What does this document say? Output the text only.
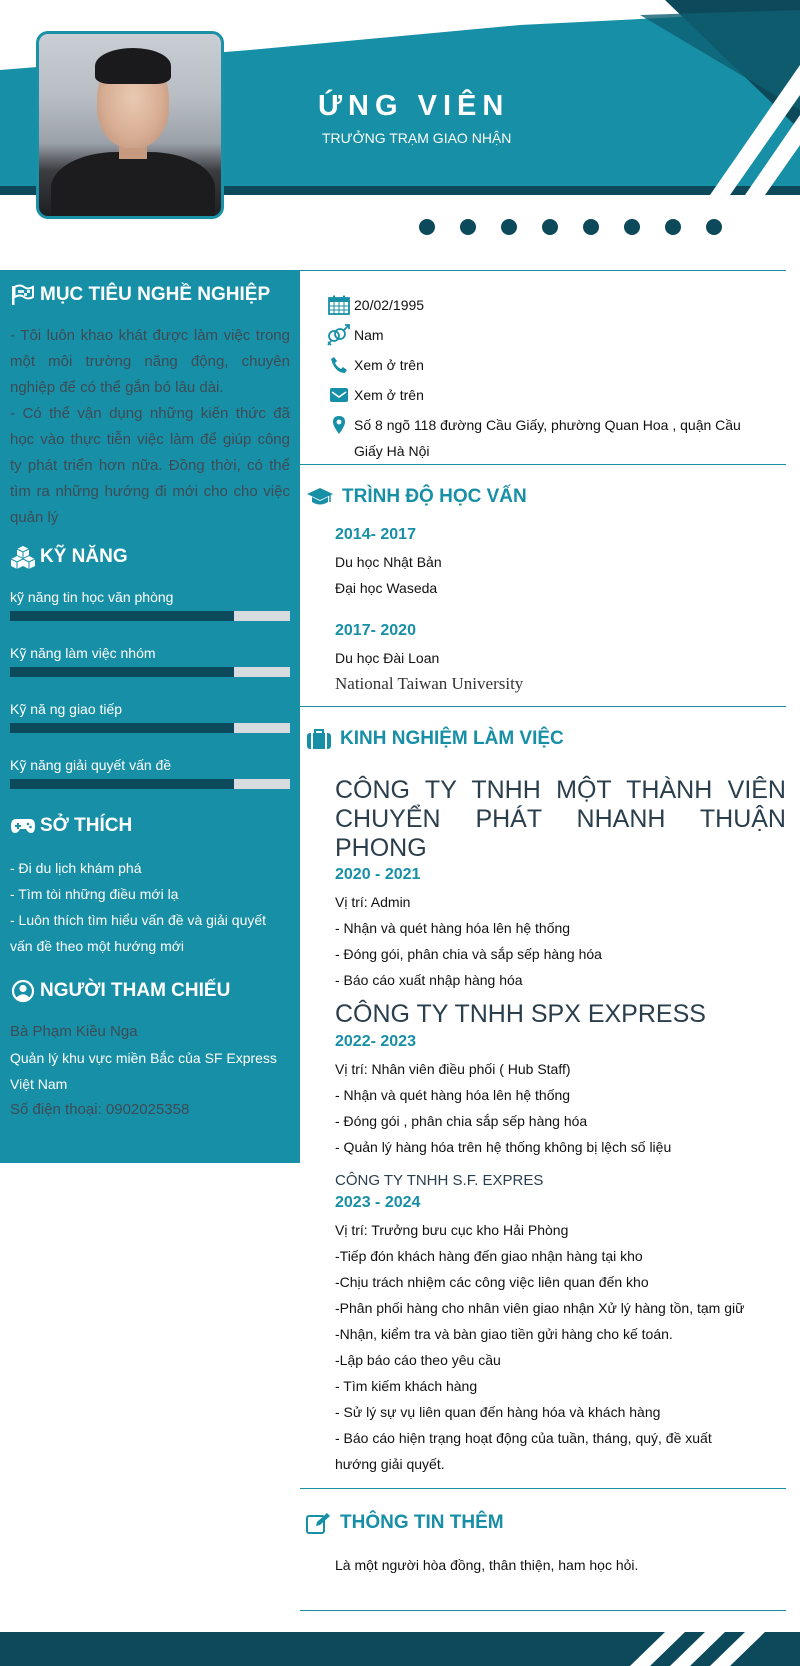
ỨNG VIÊN
TRƯỞNG TRẠM GIAO NHẬN
MỤC TIÊU NGHỀ NGHIỆP
- Tôi luôn khao khát được làm việc trong một môi trường năng động, chuyên nghiệp để có thể gắn bó lâu dài.
- Có thể vận dụng những kiến thức đã học vào thực tiễn việc làm để giúp công ty phát triển hơn nữa. Đồng thời, có thể tìm ra những hướng đi mới cho cho việc quản lý
KỸ NĂNG
kỹ năng tin học văn phòng
Kỹ năng làm việc nhóm
Kỹ nă ng giao tiếp
Kỹ năng giải quyết vấn đề
SỞ THÍCH
- Đi du lịch khám phá
- Tìm tòi những điều mới lạ
- Luôn thích tìm hiểu vấn đề và giải quyết vấn đề theo một hướng mới
NGƯỜI THAM CHIẾU
Bà Phạm Kiều Nga
Quản lý khu vực miền Bắc của SF Express Việt Nam
Số điện thoại: 0902025358
20/02/1995
Nam
Xem ở trên
Xem ở trên
Số 8 ngõ 118 đường Cầu Giấy, phường Quan Hoa , quận Cầu
Giấy Hà Nội
TRÌNH ĐỘ HỌC VẤN
2014- 2017
Du học Nhật Bản
Đại học Waseda
2017- 2020
Du học Đài Loan
National Taiwan University
KINH NGHIỆM LÀM VIỆC
CÔNG TY TNHH MỘT THÀNH VIÊN CHUYỂN PHÁT NHANH THUẬN PHONG
2020 - 2021
Vị trí: Admin
- Nhận và quét hàng hóa lên hệ thống
- Đóng gói, phân chia và sắp sếp hàng hóa
- Báo cáo xuất nhập hàng hóa
CÔNG TY TNHH SPX EXPRESS
2022- 2023
Vị trí: Nhân viên điều phối ( Hub Staff)
- Nhận và quét hàng hóa lên hệ thống
- Đóng gói , phân chia sắp sếp hàng hóa
- Quản lý hàng hóa trên hệ thống không bị lệch số liệu
CÔNG TY TNHH S.F. EXPRES
2023 - 2024
Vị trí: Trưởng bưu cục kho Hải Phòng
-Tiếp đón khách hàng đến giao nhận hàng tại kho
-Chịu trách nhiệm các công việc liên quan đến kho
-Phân phối hàng cho nhân viên giao nhận Xử lý hàng tồn, tạm giữ
-Nhận, kiểm tra và bàn giao tiền gửi hàng cho kế toán.
-Lập báo cáo theo yêu cầu
- Tìm kiếm khách hàng
- Sử lý sự vụ liên quan đến hàng hóa và khách hàng
- Báo cáo hiện trạng hoạt động của tuần, tháng, quý, đề xuất
hướng giải quyết.
THÔNG TIN THÊM
Là một người hòa đồng, thân thiện, ham học hỏi.
